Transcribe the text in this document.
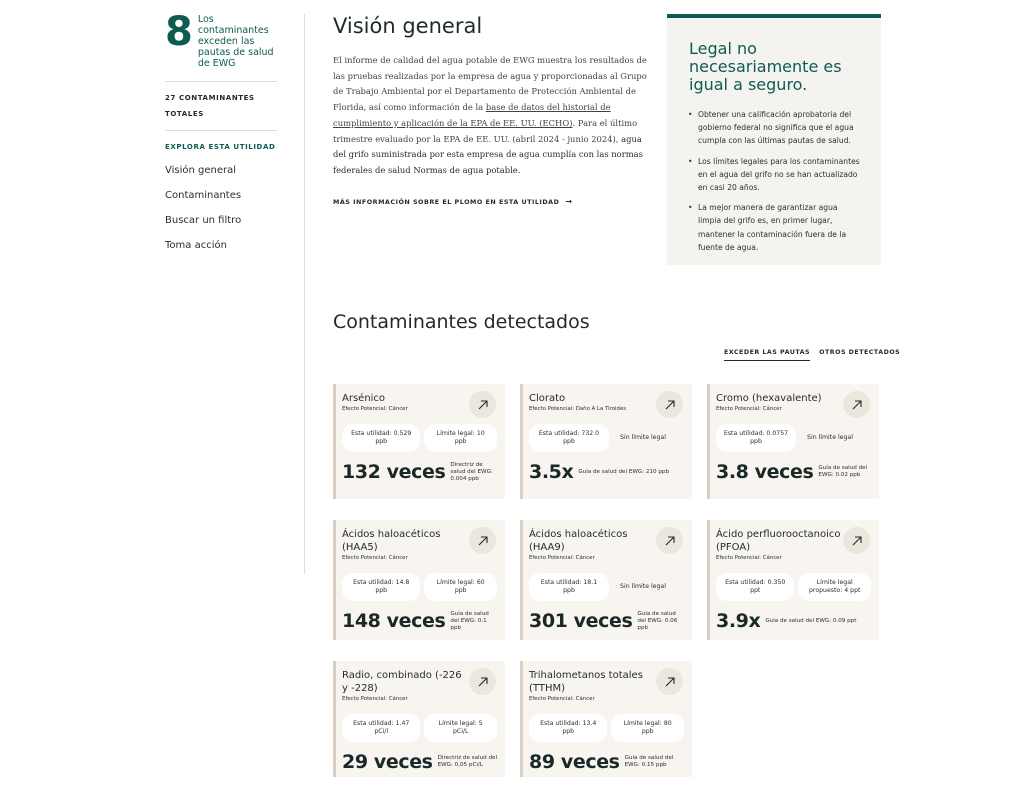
8 Los contaminantes exceden las pautas de salud de EWG
27 CONTAMINANTES TOTALES
EXPLORA ESTA UTILIDAD
Visión general
Contaminantes
Buscar un filtro
Toma acción
Visión general

El informe de calidad del agua potable de EWG muestra los resultados de las pruebas realizadas por la empresa de agua y proporcionadas al Grupo de Trabajo Ambiental por el Departamento de Protección Ambiental de Florida, así como información de la base de datos del historial de cumplimiento y aplicación de la EPA de EE. UU. (ECHO). Para el último trimestre evaluado por la EPA de EE. UU. (abril 2024 - junio 2024), agua del grifo suministrada por esta empresa de agua cumplía con las normas federales de salud Normas de agua potable.

MÁS INFORMACIÓN SOBRE EL PLOMO EN ESTA UTILIDAD →
Legal no necesariamente es igual a seguro.
• Obtener una calificación aprobatoria del gobierno federal no significa que el agua cumpla con las últimas pautas de salud.
• Los límites legales para los contaminantes en el agua del grifo no se han actualizado en casi 20 años.
• La mejor manera de garantizar agua limpia del grifo es, en primer lugar, mantener la contaminación fuera de la fuente de agua.
Contaminantes detectados
EXCEDER LAS PAUTAS OTROS DETECTADOS
Arsénico
Efecto Potencial: Cáncer
Esta utilidad: 0.529 ppb
Límite legal: 10 ppb
132 veces Directriz de salud del EWG: 0.004 ppb
Clorato
Efecto Potencial: Daño A La Tiroides
Esta utilidad: 732.0 ppb
Sin límite legal
3.5x Guía de salud del EWG: 210 ppb
Cromo (hexavalente)
Efecto Potencial: Cáncer
Esta utilidad: 0.0757 ppb
Sin límite legal
3.8 veces Guía de salud del EWG: 0.02 ppb
Ácidos haloacéticos (HAA5)
Efecto Potencial: Cáncer
Esta utilidad: 14.8 ppb
Límite legal: 60 ppb
148 veces Guía de salud del EWG: 0.1 ppb
Ácidos haloacéticos (HAA9)
Efecto Potencial: Cáncer
Esta utilidad: 18.1 ppb
Sin límite legal
301 veces Guía de salud del EWG: 0.06 ppb
Ácido perfluorooctanoico (PFOA)
Efecto Potencial: Cáncer
Esta utilidad: 0.350 ppt
Límite legal propuesto: 4 ppt
3.9x Guía de salud del EWG: 0.09 ppt
Radio, combinado (-226 y -228)
Efecto Potencial: Cáncer
Esta utilidad: 1.47 pCi/l
Límite legal: 5 pCi/L
29 veces Directriz de salud del EWG: 0,05 pCi/L
Trihalometanos totales (TTHM)
Efecto Potencial: Cáncer
Esta utilidad: 13.4 ppb
Límite legal: 80 ppb
89 veces Guía de salud del EWG: 0.15 ppb
